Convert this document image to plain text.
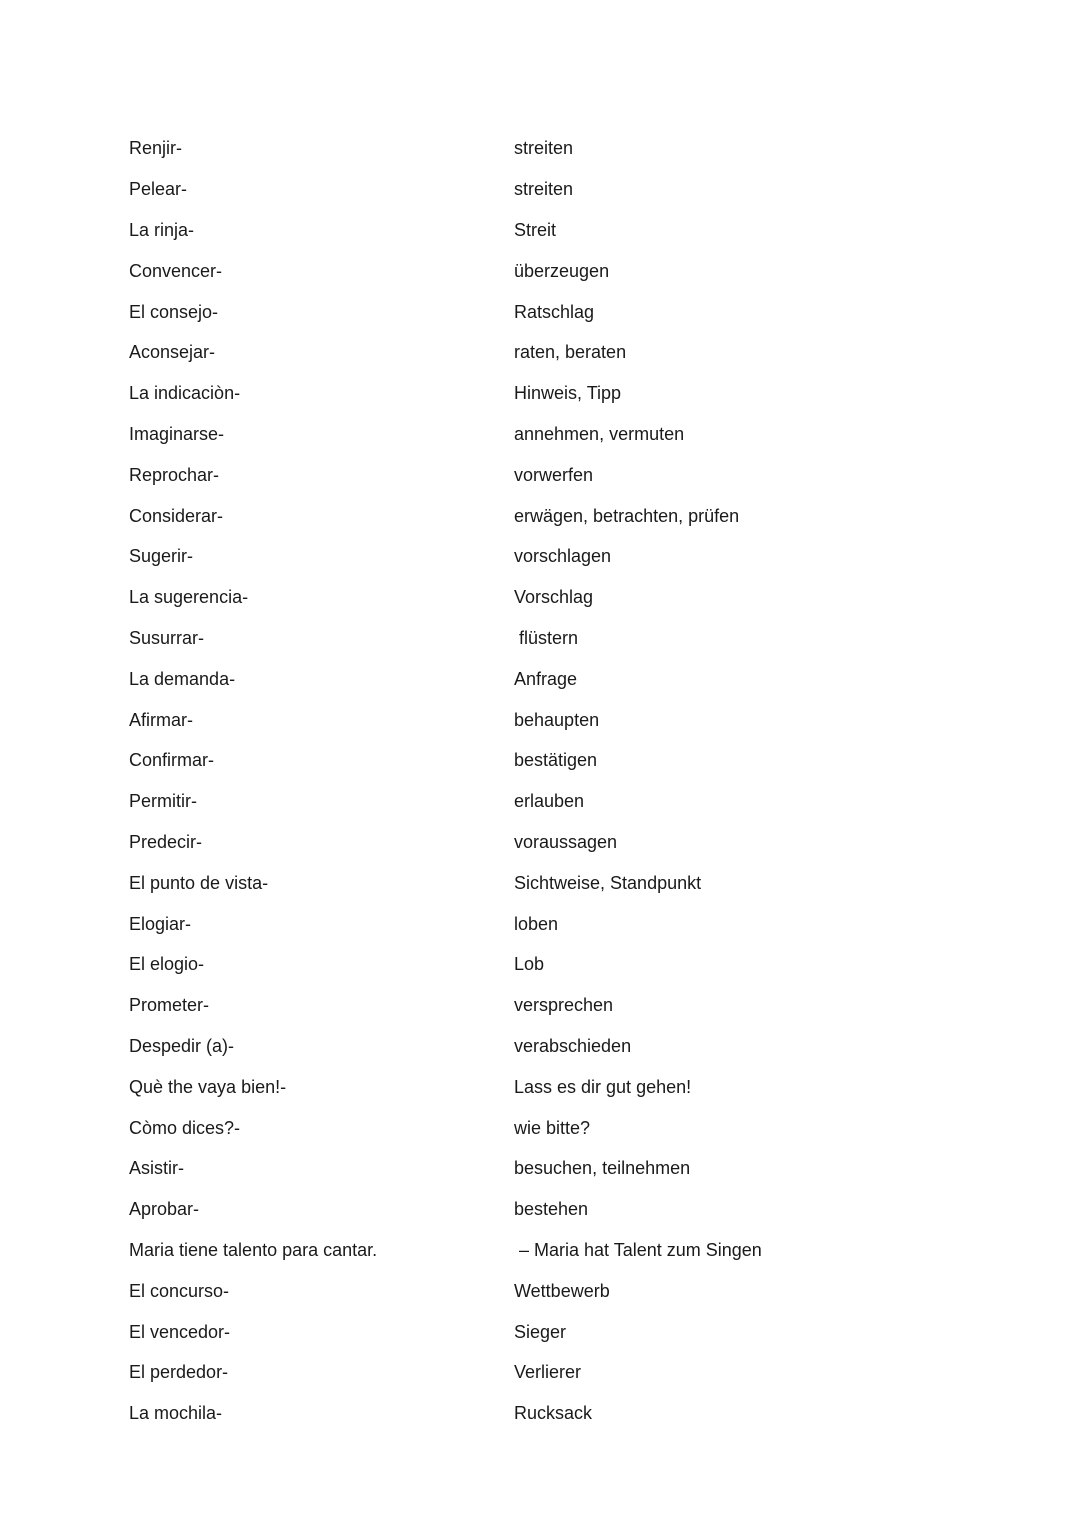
Renjir-	streiten
Pelear-	streiten
La rinja-	Streit
Convencer-	überzeugen
El consejo-	Ratschlag
Aconsejar-	raten, beraten
La indicaciòn-	Hinweis, Tipp
Imaginarse-	annehmen, vermuten
Reprochar-	vorwerfen
Considerar-	erwägen, betrachten, prüfen
Sugerir-	vorschlagen
La sugerencia-	Vorschlag
Susurrar-	flüstern
La demanda-	Anfrage
Afirmar-	behaupten
Confirmar-	bestätigen
Permitir-	erlauben
Predecir-	voraussagen
El punto de vista-	Sichtweise, Standpunkt
Elogiar-	loben
El elogio-	Lob
Prometer-	versprechen
Despedir (a)-	verabschieden
Què the vaya bien!-	Lass es dir gut gehen!
Còmo dices?-	wie bitte?
Asistir-	besuchen, teilnehmen
Aprobar-	bestehen
Maria tiene talento para cantar.	– Maria hat Talent zum Singen
El concurso-	Wettbewerb
El vencedor-	Sieger
El perdedor-	Verlierer
La mochila-	Rucksack
